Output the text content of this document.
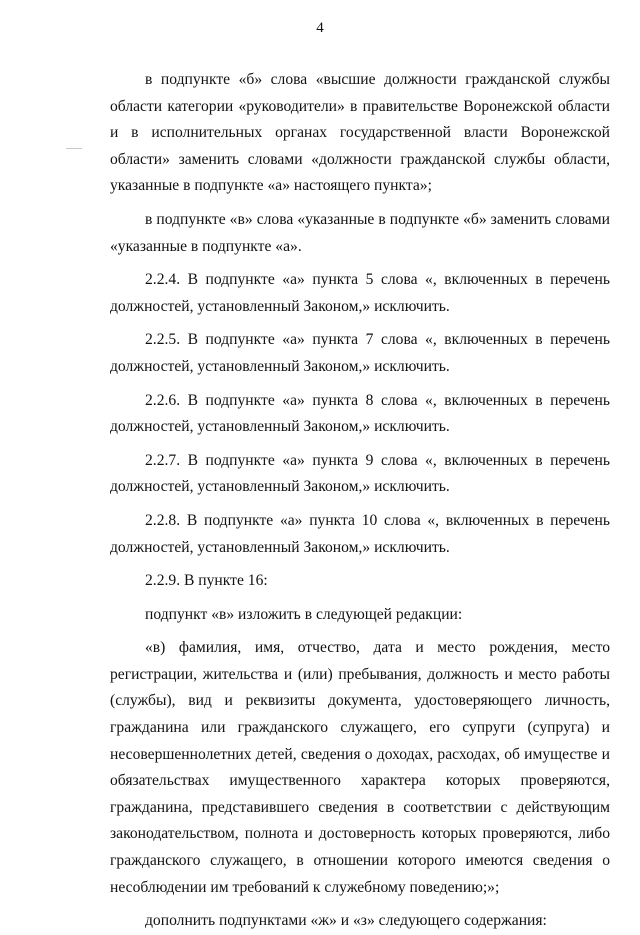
4

в подпункте «б» слова «высшие должности гражданской службы области категории «руководители» в правительстве Воронежской области и в исполнительных органах государственной власти Воронежской области» заменить словами «должности гражданской службы области, указанные в подпункте «а» настоящего пункта»;

в подпункте «в» слова «указанные в подпункте «б» заменить словами «указанные в подпункте «а».

2.2.4. В подпункте «а» пункта 5 слова «, включенных в перечень должностей, установленный Законом,» исключить.

2.2.5. В подпункте «а» пункта 7 слова «, включенных в перечень должностей, установленный Законом,» исключить.

2.2.6. В подпункте «а» пункта 8 слова «, включенных в перечень должностей, установленный Законом,» исключить.

2.2.7. В подпункте «а» пункта 9 слова «, включенных в перечень должностей, установленный Законом,» исключить.

2.2.8. В подпункте «а» пункта 10 слова «, включенных в перечень должностей, установленный Законом,» исключить.

2.2.9. В пункте 16:

подпункт «в» изложить в следующей редакции:

«в) фамилия, имя, отчество, дата и место рождения, место регистрации, жительства и (или) пребывания, должность и место работы (службы), вид и реквизиты документа, удостоверяющего личность, гражданина или гражданского служащего, его супруги (супруга) и несовершеннолетних детей, сведения о доходах, расходах, об имуществе и обязательствах имущественного характера которых проверяются, гражданина, представившего сведения в соответствии с действующим законодательством, полнота и достоверность которых проверяются, либо гражданского служащего, в отношении которого имеются сведения о несоблюдении им требований к служебному поведению;»;

дополнить подпунктами «ж» и «з» следующего содержания:
